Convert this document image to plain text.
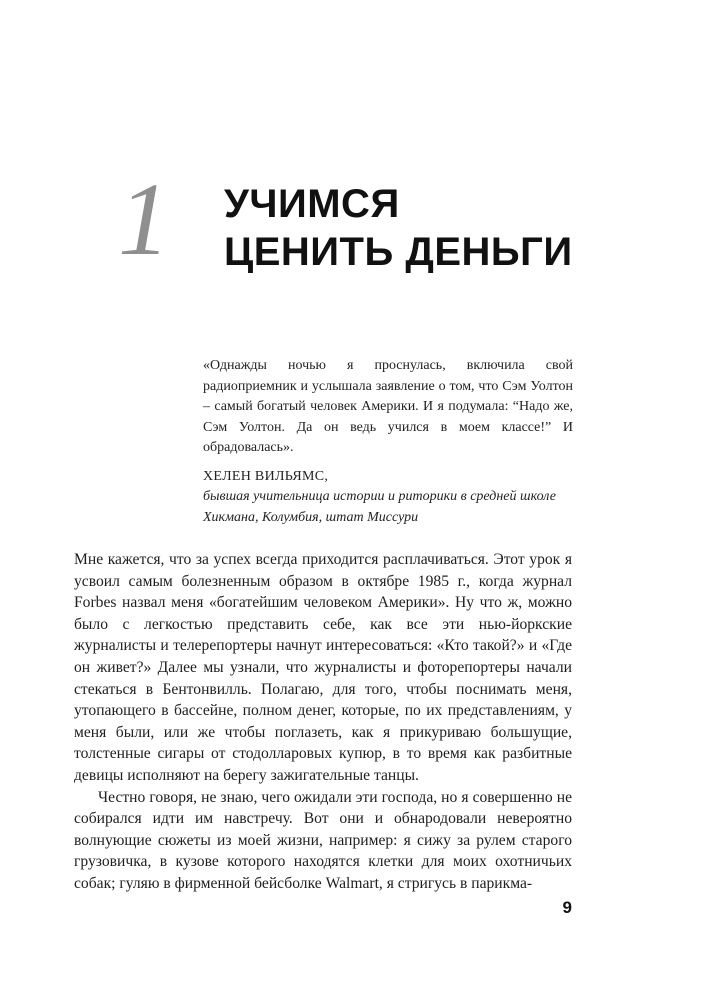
1 УЧИМСЯ
ЦЕНИТЬ ДЕНЬГИ

«Однажды ночью я проснулась, включила свой радиоприемник и услышала заявление о том, что Сэм Уолтон – самый богатый человек Америки. И я подумала: “Надо же, Сэм Уолтон. Да он ведь учился в моем классе!” И обрадовалась».

ХЕЛЕН ВИЛЬЯМС,

бывшая учительница истории и риторики в средней школе Хикмана, Колумбия, штат Миссури

Мне кажется, что за успех всегда приходится расплачиваться. Этот урок я усвоил самым болезненным образом в октябре 1985 г., когда журнал Forbes назвал меня «богатейшим человеком Америки». Ну что ж, можно было с легкостью представить себе, как все эти нью-йоркские журналисты и телерепортеры начнут интересоваться: «Кто такой?» и «Где он живет?» Далее мы узнали, что журналисты и фоторепортеры начали стекаться в Бентонвилль. Полагаю, для того, чтобы поснимать меня, утопающего в бассейне, полном денег, которые, по их представлениям, у меня были, или же чтобы поглазеть, как я прикуриваю большущие, толстенные сигары от стодолларовых купюр, в то время как разбитные девицы исполняют на берегу зажигательные танцы.

Честно говоря, не знаю, чего ожидали эти господа, но я совершенно не собирался идти им навстречу. Вот они и обнародовали невероятно волнующие сюжеты из моей жизни, например: я сижу за рулем старого грузовичка, в кузове которого находятся клетки для моих охотничьих собак; гуляю в фирменной бейсболке Walmart, я стригусь в парикма-

9
